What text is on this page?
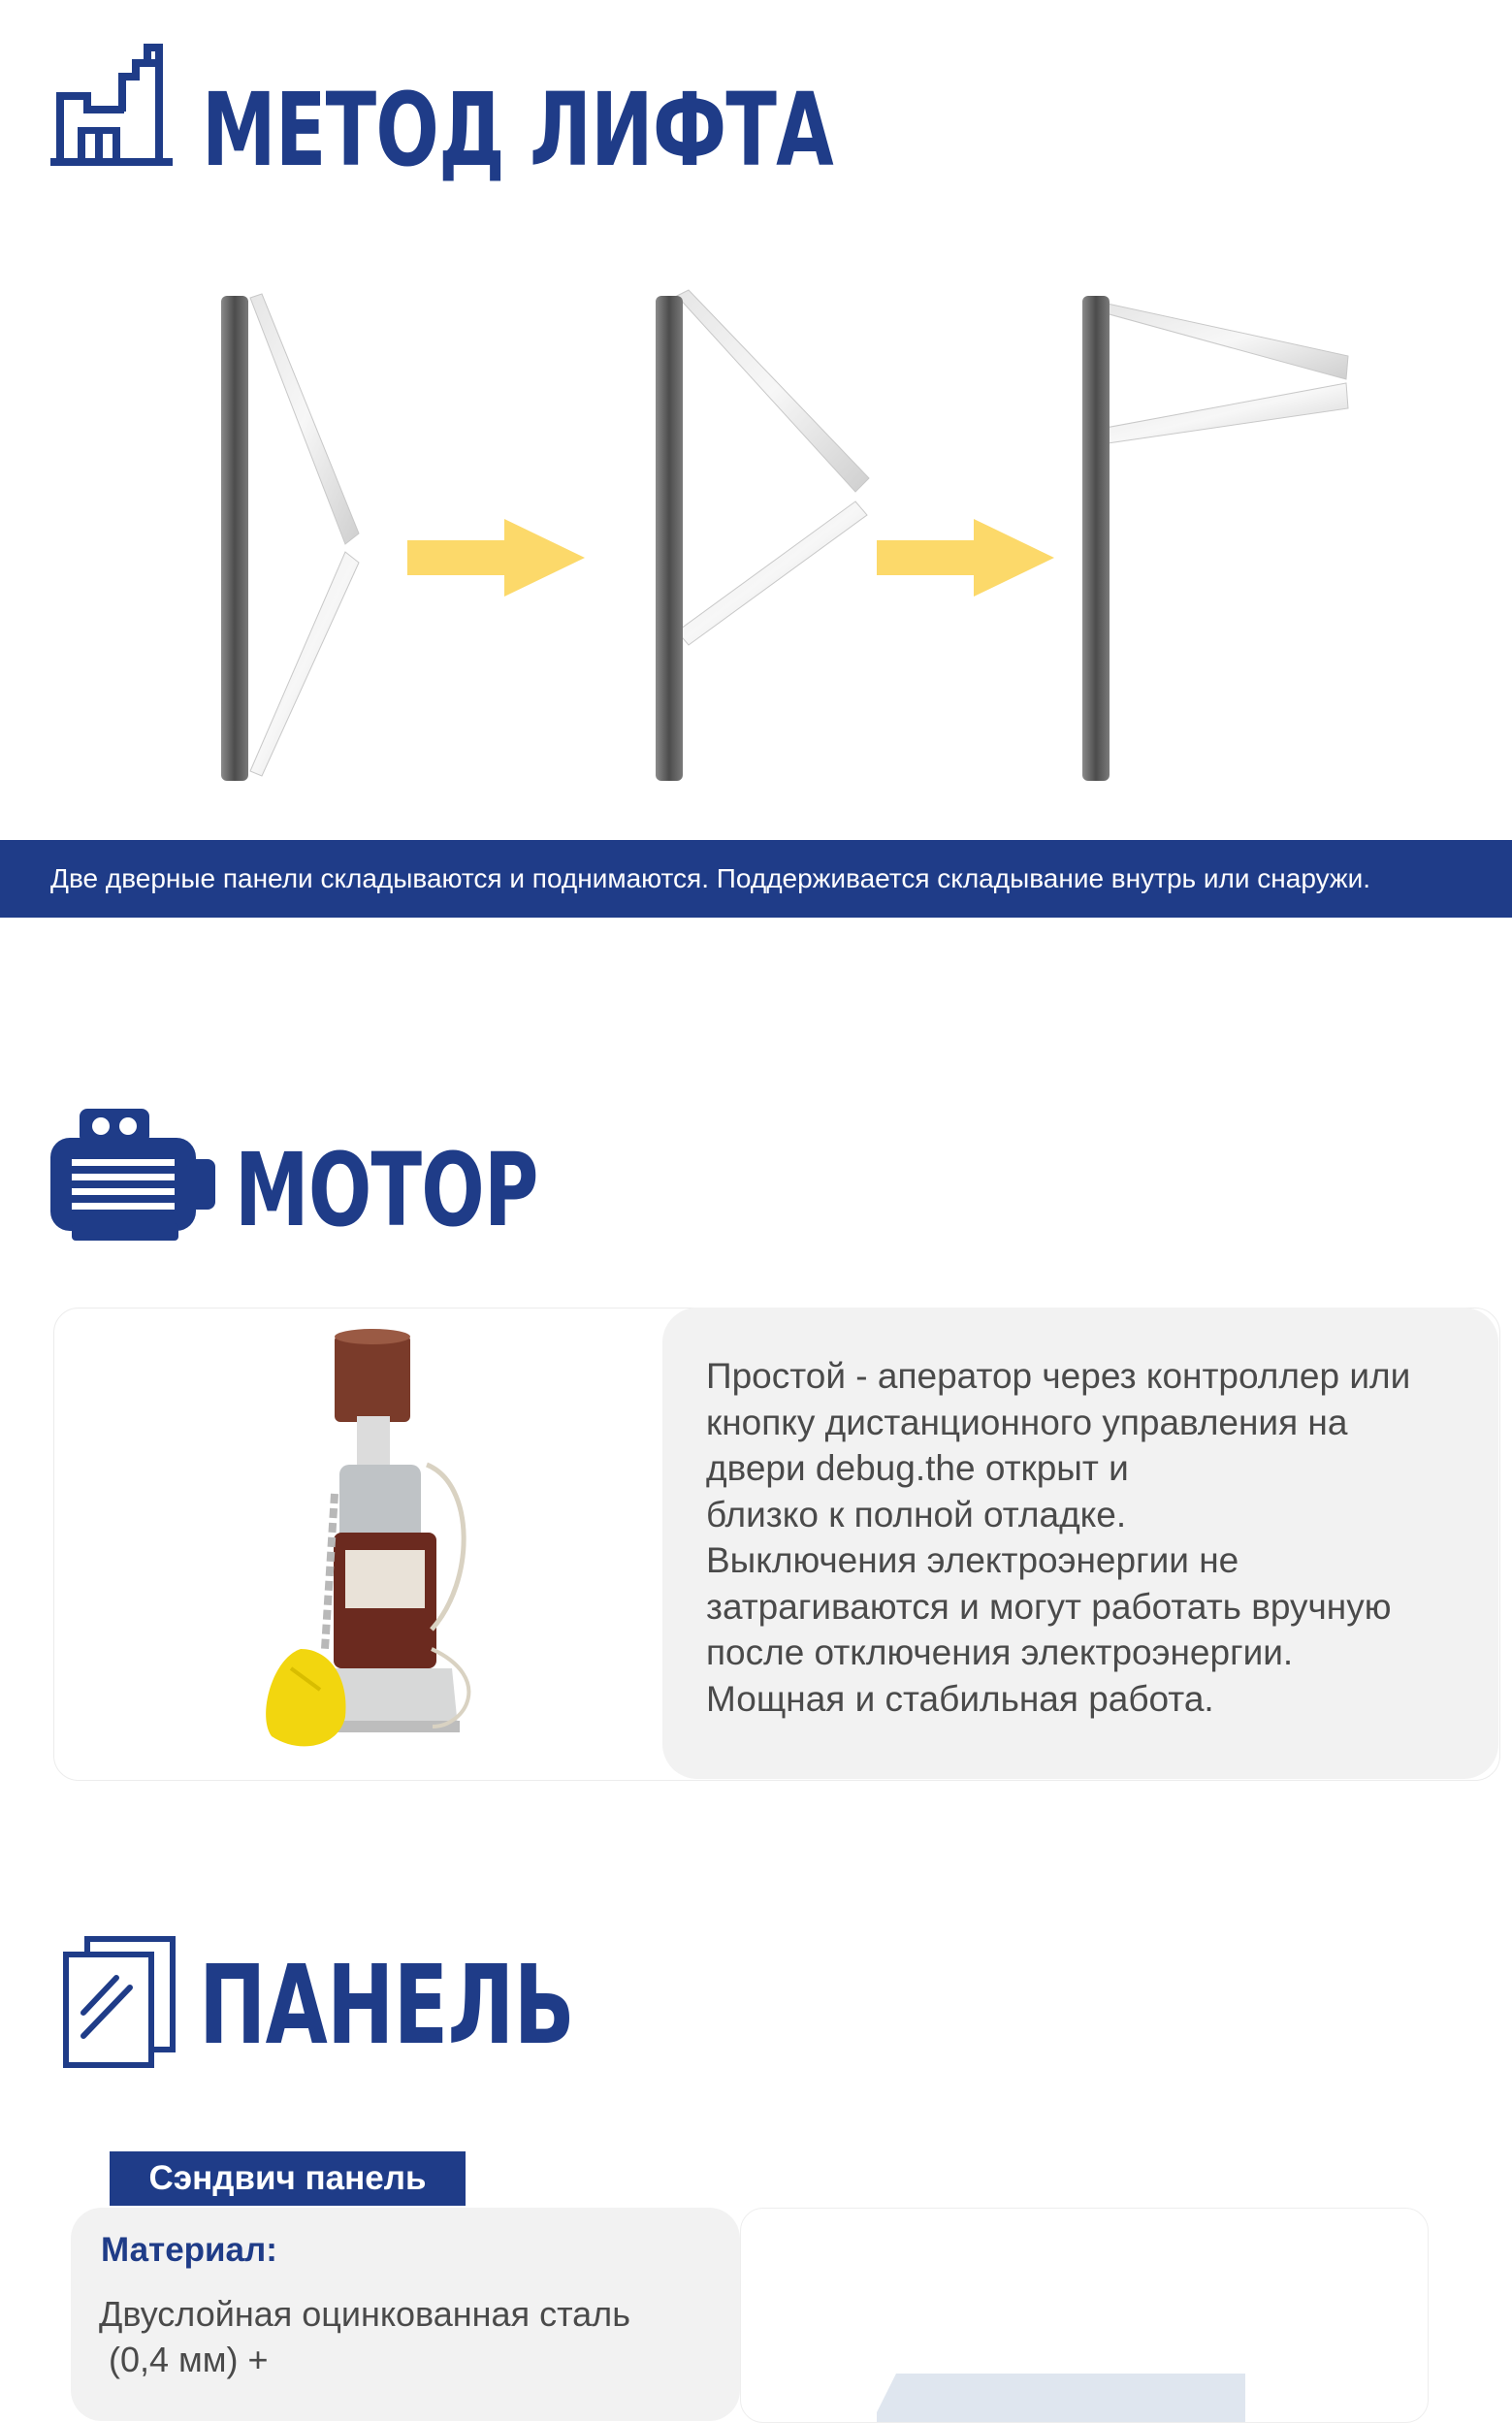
МЕТОД ЛИФТА
Две дверные панели складываются и поднимаются. Поддерживается складывание внутрь или снаружи.
МОТОР
Простой - аператор через контроллер или
кнопку дистанционного управления на
двери debug.the открыт и
близко к полной отладке.
Выключения электроэнергии не
затрагиваются и могут работать вручную
после отключения электроэнергии.
Мощная и стабильная работа.
ПАНЕЛЬ
Сэндвич панель
Материал:
Двуслойная оцинкованная сталь
(0,4 мм) +
